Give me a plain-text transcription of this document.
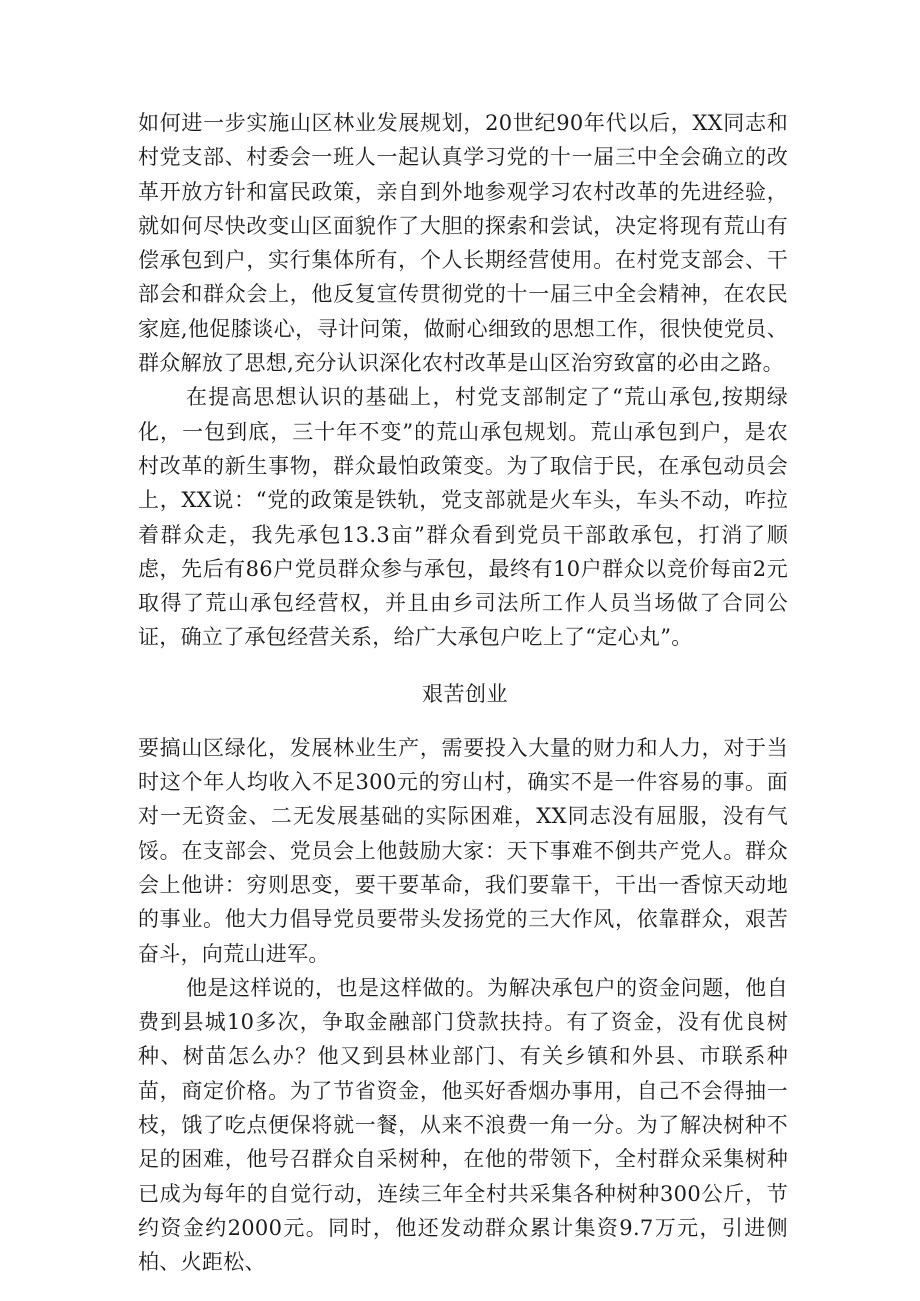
如何进一步实施山区林业发展规划，20世纪90年代以后，XX同志和村党支部、村委会一班人一起认真学习党的十一届三中全会确立的改革开放方针和富民政策，亲自到外地参观学习农村改革的先进经验，就如何尽快改变山区面貌作了大胆的探索和尝试，决定将现有荒山有偿承包到户，实行集体所有，个人长期经营使用。在村党支部会、干部会和群众会上，他反复宣传贯彻党的十一届三中全会精神，在农民家庭,他促膝谈心，寻计问策，做耐心细致的思想工作，很快使党员、群众解放了思想,充分认识深化农村改革是山区治穷致富的必由之路。

在提高思想认识的基础上，村党支部制定了“荒山承包,按期绿化，一包到底，三十年不变”的荒山承包规划。荒山承包到户，是农村改革的新生事物，群众最怕政策变。为了取信于民，在承包动员会上，XX说：“党的政策是铁轨，党支部就是火车头，车头不动，咋拉着群众走，我先承包13.3亩”群众看到党员干部敢承包，打消了顺虑，先后有86户党员群众参与承包，最终有10户群众以竞价每亩2元取得了荒山承包经营权，并且由乡司法所工作人员当场做了合同公证，确立了承包经营关系，给广大承包户吃上了“定心丸”。

艰苦创业

要搞山区绿化，发展林业生产，需要投入大量的财力和人力，对于当时这个年人均收入不足300元的穷山村，确实不是一件容易的事。面对一无资金、二无发展基础的实际困难，XX同志没有屈服，没有气馁。在支部会、党员会上他鼓励大家：天下事难不倒共产党人。群众会上他讲：穷则思变，要干要革命，我们要靠干，干出一香惊天动地的事业。他大力倡导党员要带头发扬党的三大作风，依靠群众，艰苦奋斗，向荒山进军。

他是这样说的，也是这样做的。为解决承包户的资金问题，他自费到县城10多次，争取金融部门贷款扶持。有了资金，没有优良树种、树苗怎么办？他又到县林业部门、有关乡镇和外县、市联系种苗，商定价格。为了节省资金，他买好香烟办事用，自己不会得抽一枝，饿了吃点便保将就一餐，从来不浪费一角一分。为了解决树种不足的困难，他号召群众自采树种，在他的带领下，全村群众采集树种已成为每年的自觉行动，连续三年全村共采集各种树种300公斤，节约资金约2000元。同时，他还发动群众累计集资9.7万元，引进侧柏、火距松、
